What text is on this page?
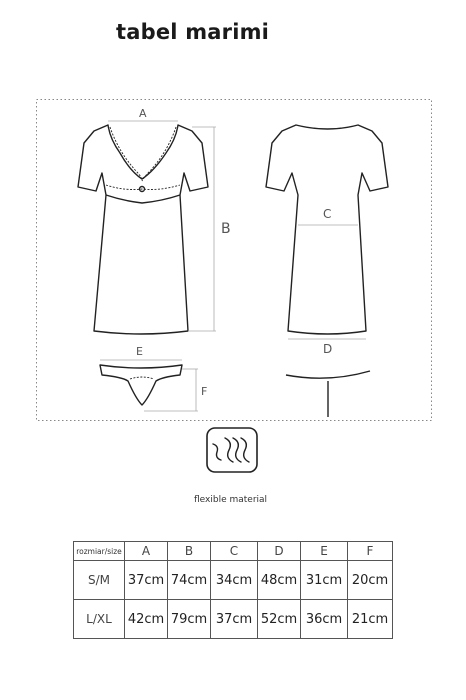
tabel marimi
A
B
C
D
E
F
flexible material
rozmiar/size	A	B	C	D	E	F
S/M	37cm	74cm	34cm	48cm	31cm	20cm
L/XL	42cm	79cm	37cm	52cm	36cm	21cm
